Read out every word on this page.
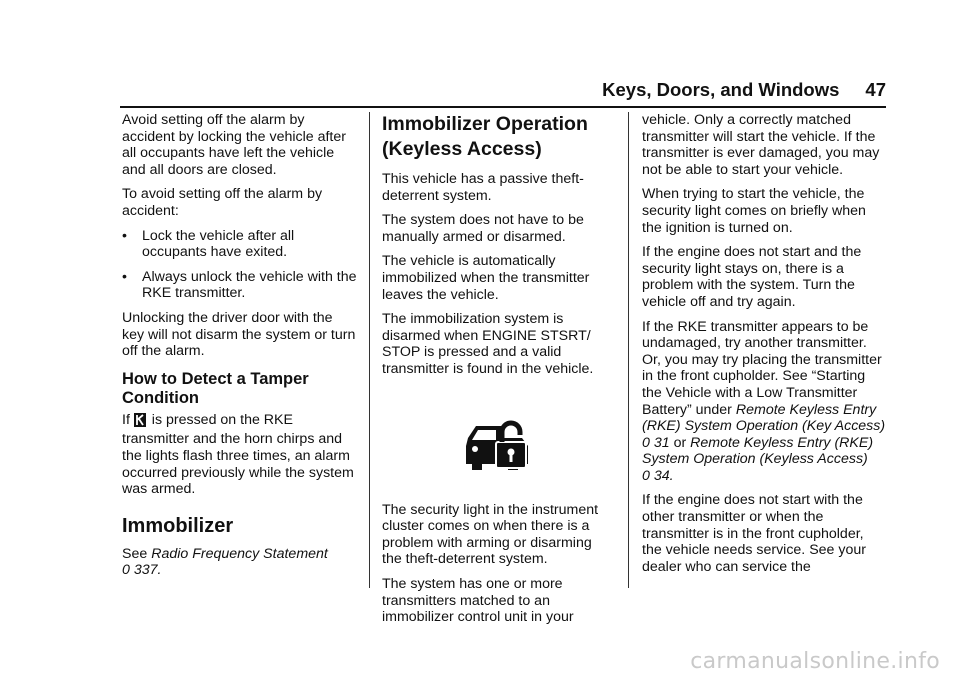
Keys, Doors, and Windows 47

Avoid setting off the alarm by accident by locking the vehicle after all occupants have left the vehicle and all doors are closed.

To avoid setting off the alarm by accident:

•	Lock the vehicle after all occupants have exited.
•	Always unlock the vehicle with the RKE transmitter.

Unlocking the driver door with the key will not disarm the system or turn off the alarm.

How to Detect a Tamper Condition

If is pressed on the RKE transmitter and the horn chirps and the lights flash three times, an alarm occurred previously while the system was armed.

Immobilizer

See Radio Frequency Statement
0 337.

Immobilizer Operation (Keyless Access)

This vehicle has a passive theft-deterrent system.

The system does not have to be manually armed or disarmed.

The vehicle is automatically immobilized when the transmitter leaves the vehicle.

The immobilization system is disarmed when ENGINE STSRT/ STOP is pressed and a valid transmitter is found in the vehicle.

The security light in the instrument cluster comes on when there is a problem with arming or disarming the theft-deterrent system.

The system has one or more transmitters matched to an immobilizer control unit in your

vehicle. Only a correctly matched transmitter will start the vehicle. If the transmitter is ever damaged, you may not be able to start your vehicle.

When trying to start the vehicle, the security light comes on briefly when the ignition is turned on.

If the engine does not start and the security light stays on, there is a problem with the system. Turn the vehicle off and try again.

If the RKE transmitter appears to be undamaged, try another transmitter. Or, you may try placing the transmitter in the front cupholder. See “Starting the Vehicle with a Low Transmitter Battery” under Remote Keyless Entry (RKE) System Operation (Key Access) 0 31 or Remote Keyless Entry (RKE) System Operation (Keyless Access)
0 34.

If the engine does not start with the other transmitter or when the transmitter is in the front cupholder, the vehicle needs service. See your dealer who can service the

carmanualsonline.info
